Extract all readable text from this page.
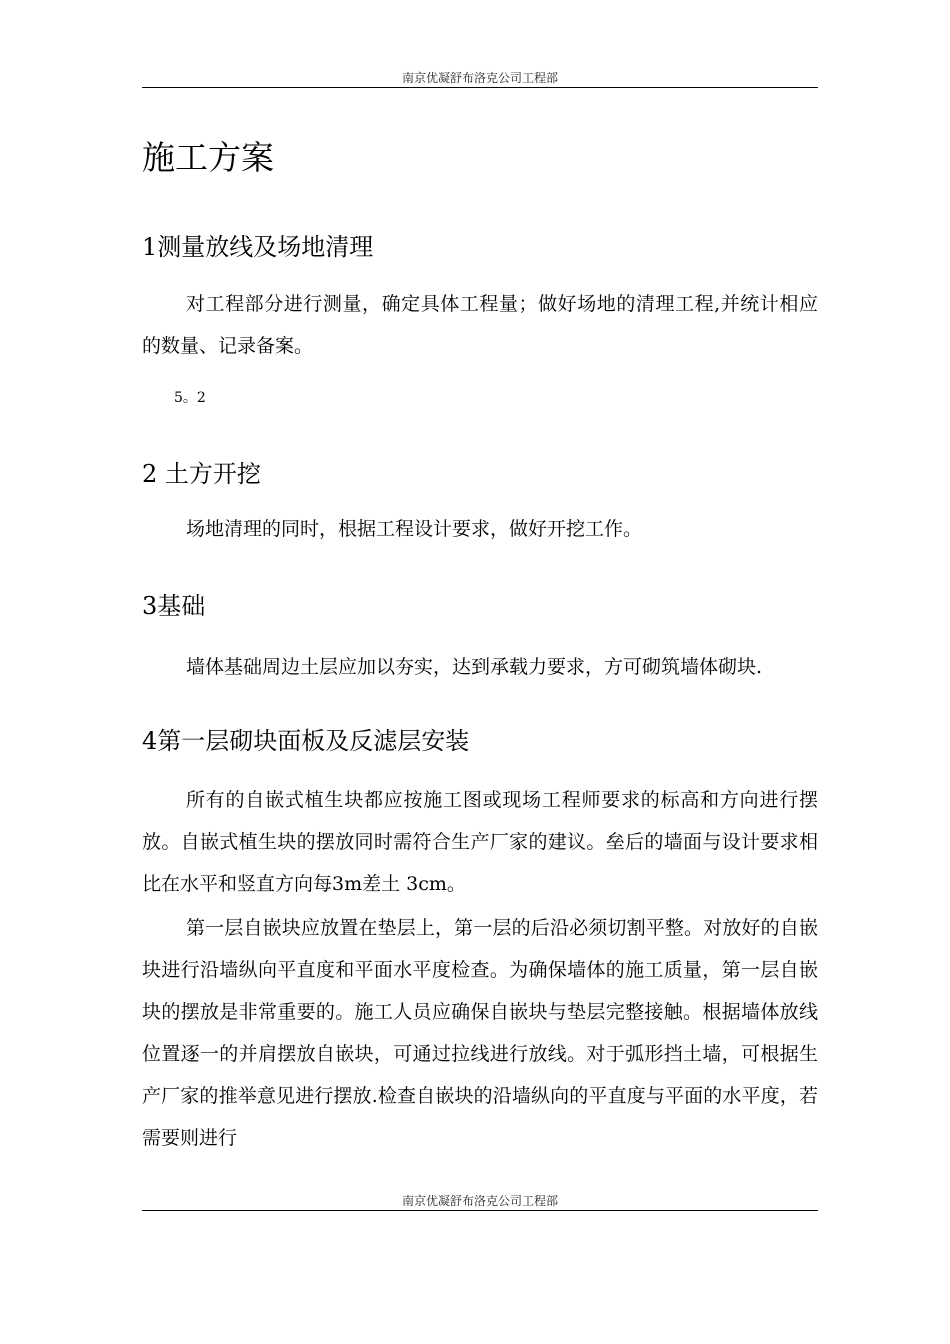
南京优凝舒布洛克公司工程部
施工方案
1测量放线及场地清理

对工程部分进行测量，确定具体工程量；做好场地的清理工程,并统计相应的数量、记录备案。

5。2

2 土方开挖

场地清理的同时，根据工程设计要求，做好开挖工作。

3基础

墙体基础周边土层应加以夯实，达到承载力要求，方可砌筑墙体砌块.

4第一层砌块面板及反滤层安装

所有的自嵌式植生块都应按施工图或现场工程师要求的标高和方向进行摆放。自嵌式植生块的摆放同时需符合生产厂家的建议。垒后的墙面与设计要求相比在水平和竖直方向每3m差土 3cm。

第一层自嵌块应放置在垫层上，第一层的后沿必须切割平整。对放好的自嵌块进行沿墙纵向平直度和平面水平度检查。为确保墙体的施工质量，第一层自嵌块的摆放是非常重要的。施工人员应确保自嵌块与垫层完整接触。根据墙体放线位置逐一的并肩摆放自嵌块，可通过拉线进行放线。对于弧形挡土墙，可根据生产厂家的推举意见进行摆放.检查自嵌块的沿墙纵向的平直度与平面的水平度，若需要则进行

南京优凝舒布洛克公司工程部
